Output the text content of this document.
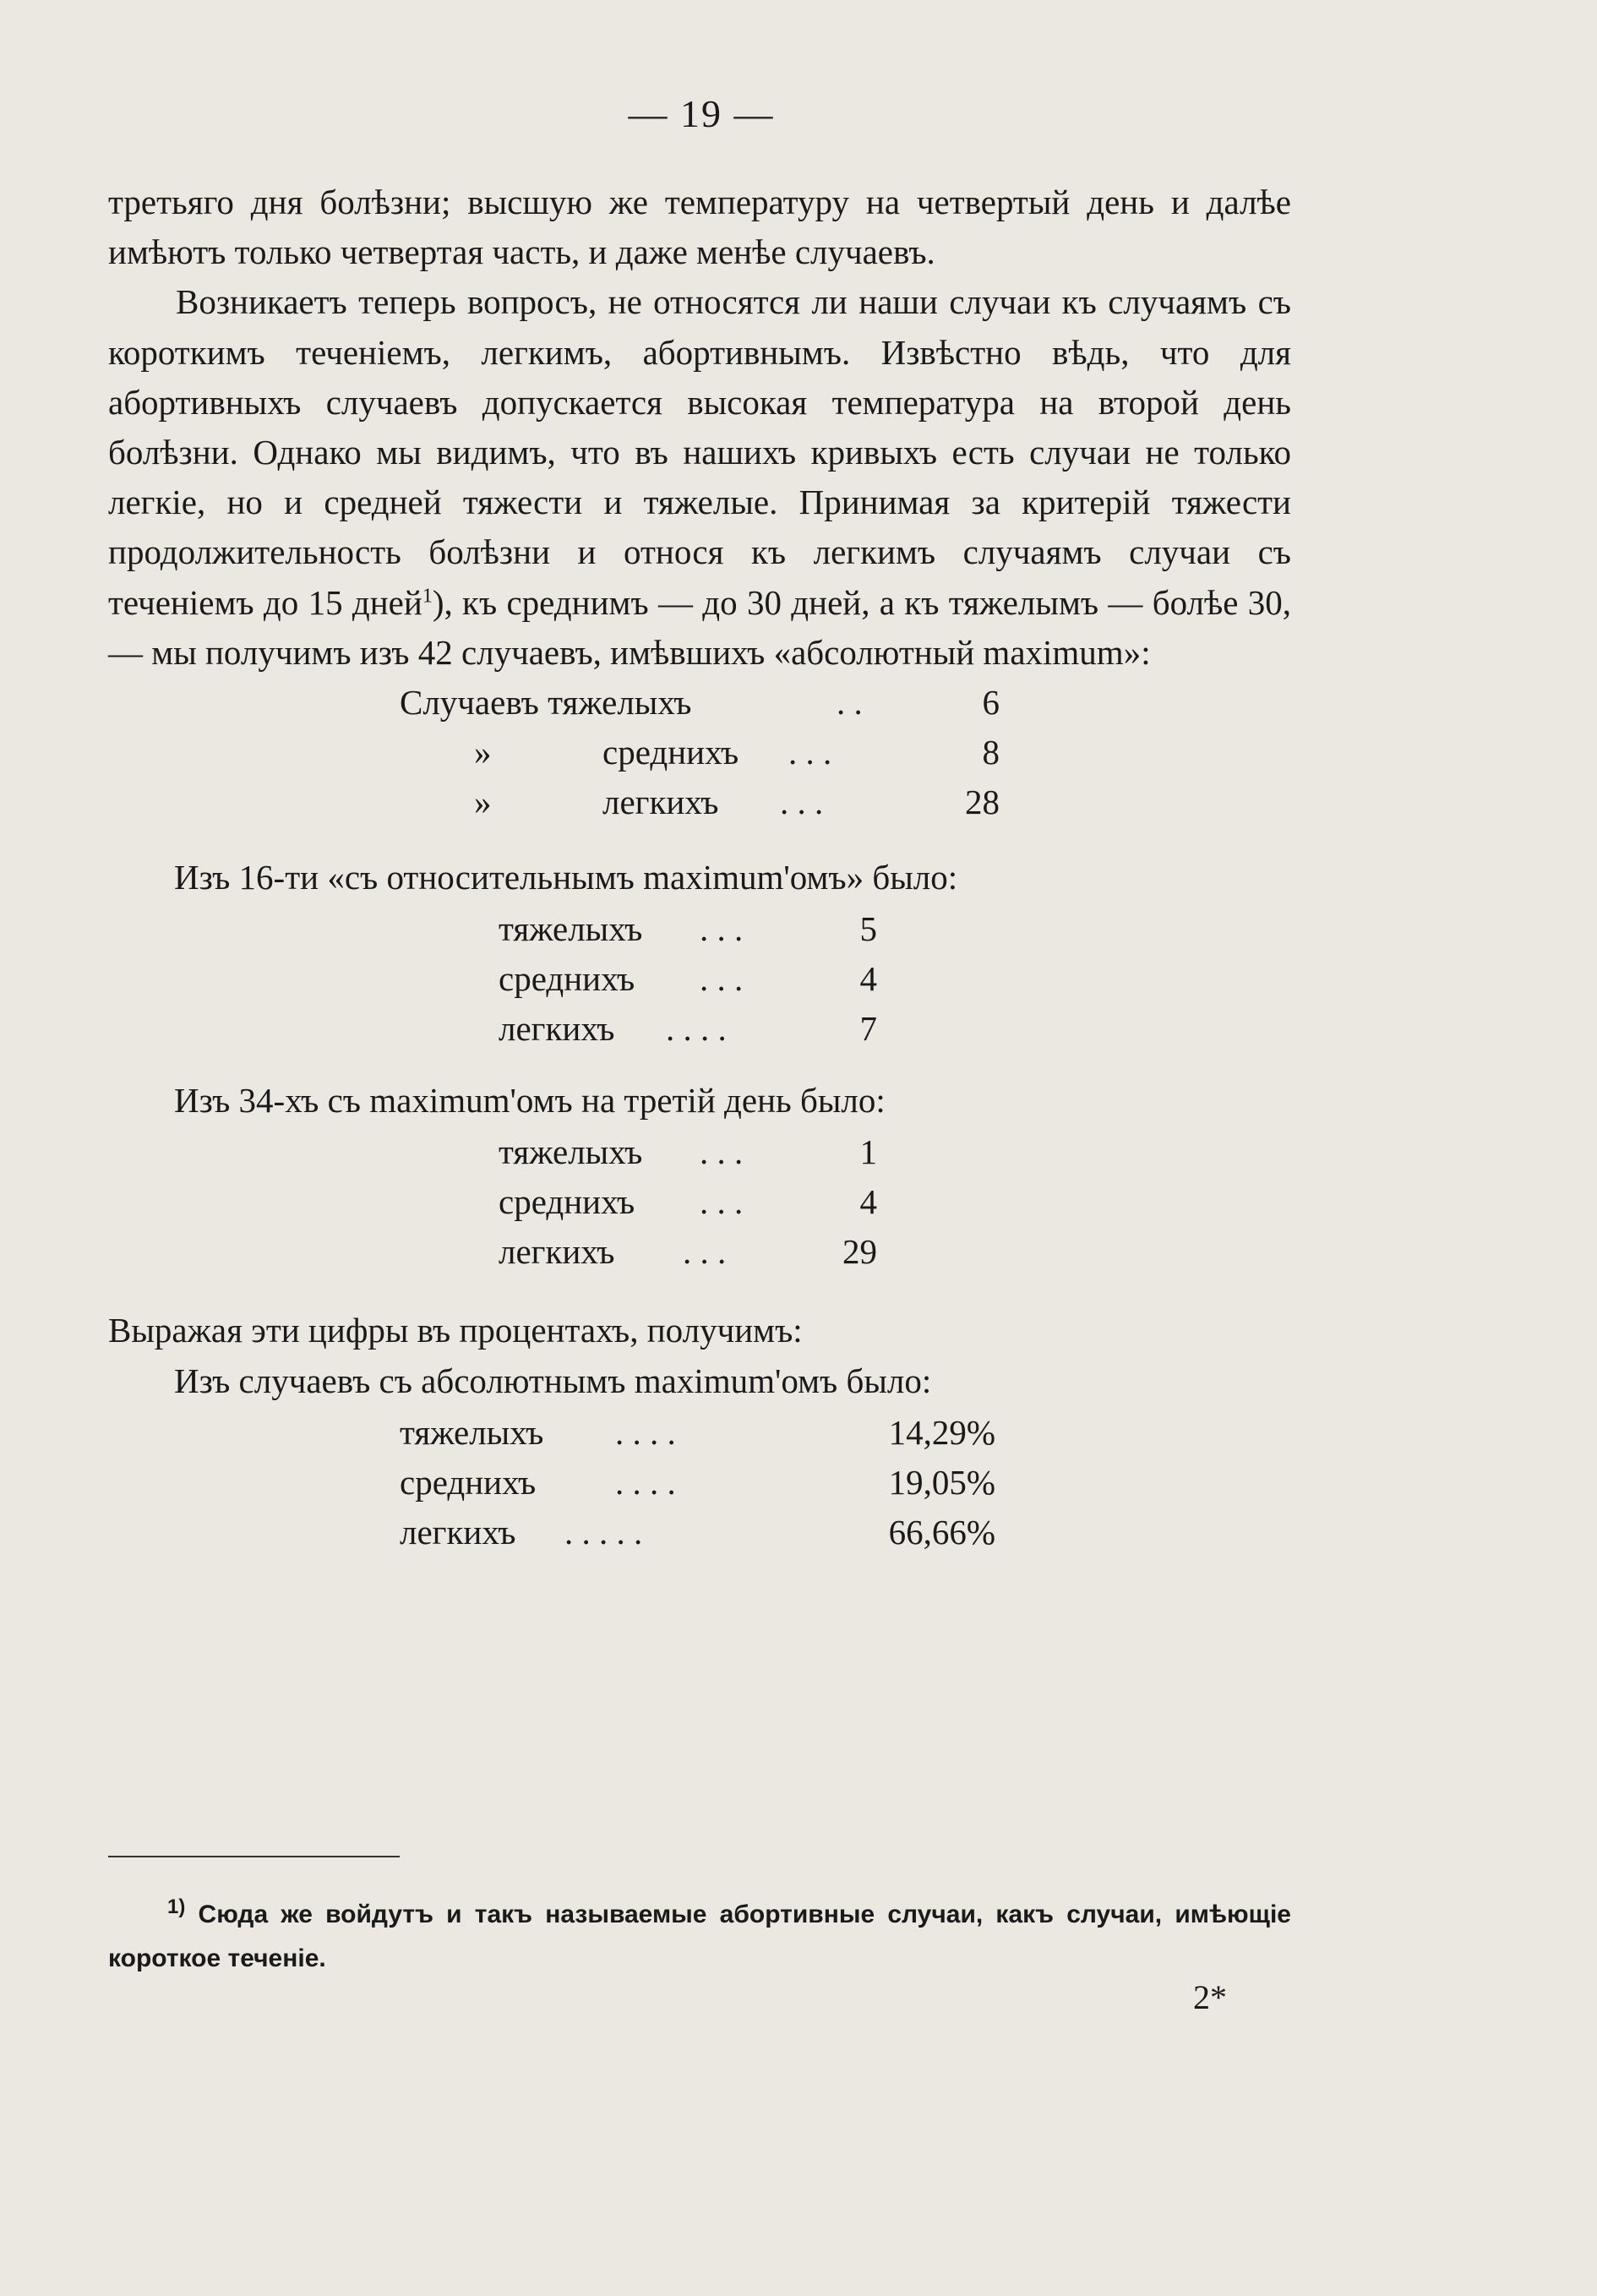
— 19 —

третьяго дня болѣзни; высшую же температуру на четвертый день и далѣе имѣютъ только четвертая часть, и даже менѣе случаевъ.

Возникаетъ теперь вопросъ, не относятся ли наши случаи къ случаямъ съ короткимъ теченіемъ, легкимъ, абортивнымъ. Извѣстно вѣдь, что для абортивныхъ случаевъ допускается высокая температура на второй день болѣзни. Однако мы видимъ, что въ нашихъ кривыхъ есть случаи не только легкіе, но и средней тяжести и тяжелые. Принимая за критерій тяжести продолжительность болѣзни и относя къ легкимъ случаямъ случаи съ теченіемъ до 15 дней$^1$), къ среднимъ — до 30 дней, а къ тяжелымъ — болѣе 30, — мы получимъ изъ 42 случаевъ, имѣвшихъ «абсолютный maximum»:

Случаевъ тяжелыхъ	. .	6
»	среднихъ . . .	8
»	легкихъ . . .	28

Изъ 16-ти «съ относительнымъ maximum'омъ» было:

тяжелыхъ . . .	5
среднихъ . . .	4
легкихъ . . . .	7

Изъ 34-хъ съ maximum'омъ на третій день было:

тяжелыхъ . . .	1
среднихъ . . .	4
легкихъ . . .	29

Выражая эти цифры въ процентахъ, получимъ:

Изъ случаевъ съ абсолютнымъ maximum'омъ было:

тяжелыхъ . . . .	14,29%
среднихъ . . . .	19,05%
легкихъ . . . . .	66,66%
$^{1)}$ Сюда же войдутъ и такъ называемые абортивные случаи, какъ случаи, имѣющіе короткое теченіе.
2*
